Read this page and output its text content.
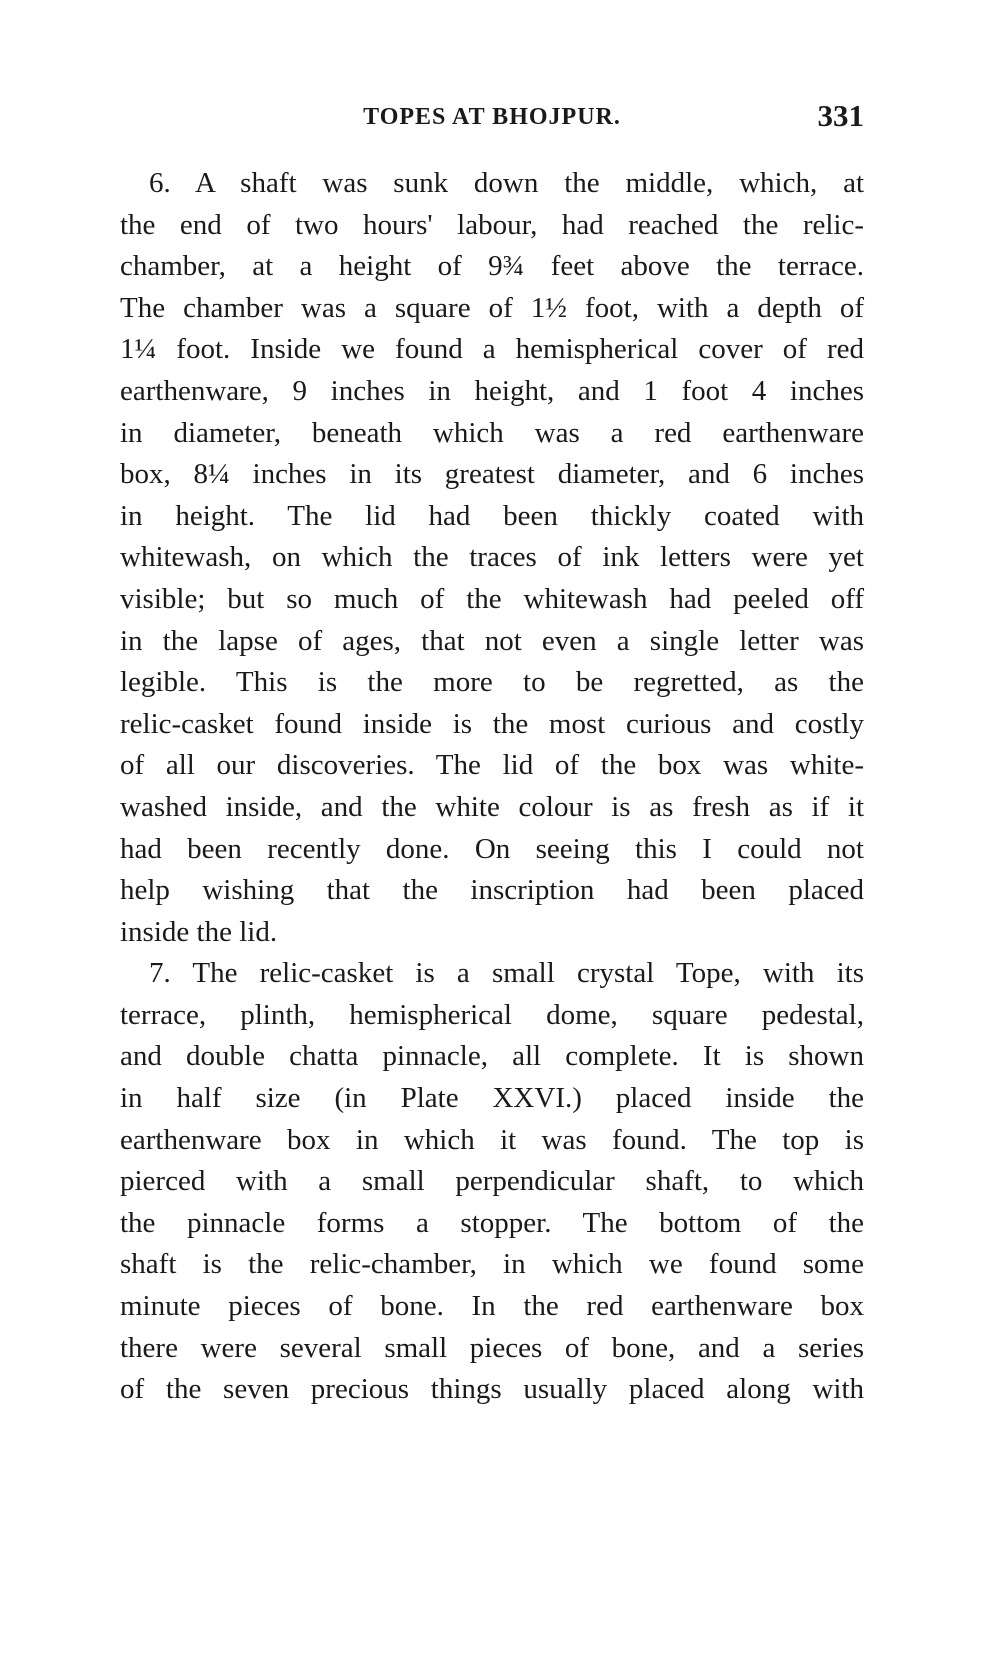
TOPES AT BHOJPUR.	331
6. A shaft was sunk down the middle, which, at
the end of two hours' labour, had reached the relic-
chamber, at a height of 9¾ feet above the terrace.
The chamber was a square of 1½ foot, with a depth of
1¼ foot. Inside we found a hemispherical cover of red
earthenware, 9 inches in height, and 1 foot 4 inches
in diameter, beneath which was a red earthenware
box, 8¼ inches in its greatest diameter, and 6 inches
in height. The lid had been thickly coated with
whitewash, on which the traces of ink letters were yet
visible; but so much of the whitewash had peeled off
in the lapse of ages, that not even a single letter was
legible. This is the more to be regretted, as the
relic-casket found inside is the most curious and costly
of all our discoveries. The lid of the box was white-
washed inside, and the white colour is as fresh as if it
had been recently done. On seeing this I could not
help wishing that the inscription had been placed
inside the lid.
7. The relic-casket is a small crystal Tope, with its
terrace, plinth, hemispherical dome, square pedestal,
and double chatta pinnacle, all complete. It is shown
in half size (in Plate XXVI.) placed inside the
earthenware box in which it was found. The top is
pierced with a small perpendicular shaft, to which
the pinnacle forms a stopper. The bottom of the
shaft is the relic-chamber, in which we found some
minute pieces of bone. In the red earthenware box
there were several small pieces of bone, and a series
of the seven precious things usually placed along with
